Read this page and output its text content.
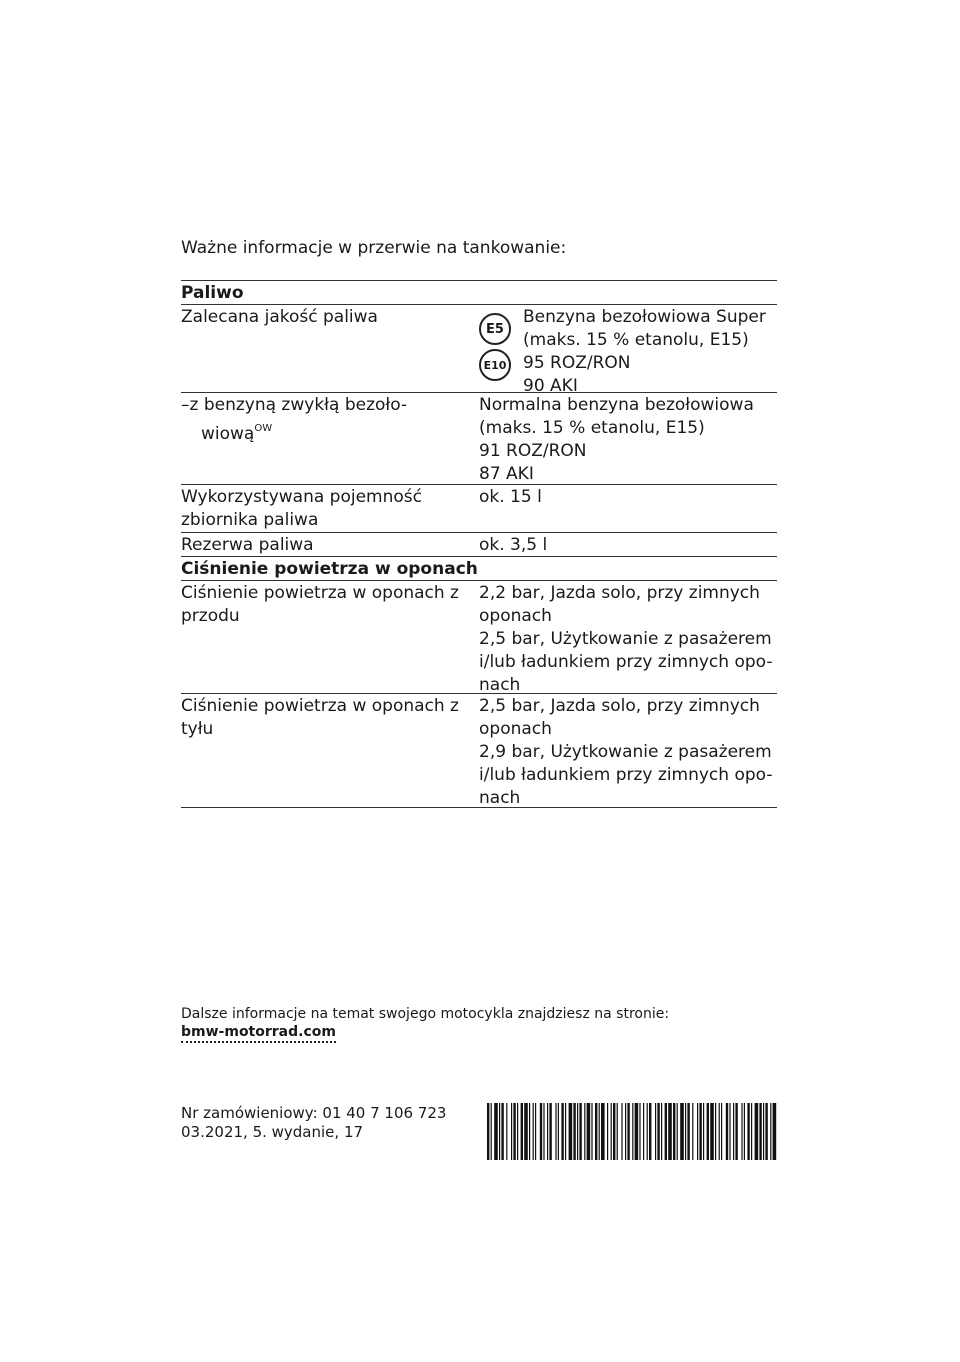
Ważne informacje w przerwie na tankowanie:
Paliwo
Zalecana jakość paliwa
E5
E10
Benzyna bezołowiowa Super
(maks. 15 % etanolu, E15)
95 ROZ/RON
90 AKI
–z benzyną zwykłą bezoło-
wiową$^{OW}$
Normalna benzyna bezołowiowa
(maks. 15 % etanolu, E15)
91 ROZ/RON
87 AKI
Wykorzystywana pojemność
zbiornika paliwa
ok. 15 l
Rezerwa paliwa	ok. 3,5 l
Ciśnienie powietrza w oponach
Ciśnienie powietrza w oponach z
przodu
2,2 bar, Jazda solo, przy zimnych
oponach
2,5 bar, Użytkowanie z pasażerem
i/lub ładunkiem przy zimnych opo-
nach
Ciśnienie powietrza w oponach z
tyłu
2,5 bar, Jazda solo, przy zimnych
oponach
2,9 bar, Użytkowanie z pasażerem
i/lub ładunkiem przy zimnych opo-
nach
Dalsze informacje na temat swojego motocykla znajdziesz na stronie:
bmw-motorrad.com
Nr zamówieniowy: 01 40 7 106 723
03.2021, 5. wydanie, 17
